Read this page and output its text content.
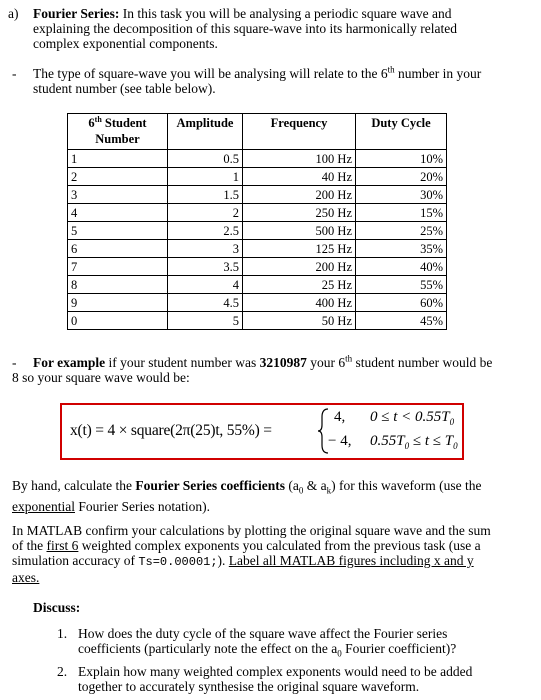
a) Fourier Series: In this task you will be analysing a periodic square wave and
explaining the decomposition of this square-wave into its harmonically related
complex exponential components.
- The type of square-wave you will be analysing will relate to the 6th number in your
student number (see table below).
6th Student
Number	Amplitude	Frequency	Duty Cycle
1	0.5	100 Hz	10%
2	1	40 Hz	20%
3	1.5	200 Hz	30%
4	2	250 Hz	15%
5	2.5	500 Hz	25%
6	3	125 Hz	35%
7	3.5	200 Hz	40%
8	4	25 Hz	55%
9	4.5	400 Hz	60%
0	5	50 Hz	45%
- For example if your student number was 3210987 your 6th student number would be
8 so your square wave would be:
x(t) = 4 × square(2π(25)t, 55%) =
4, $0 \le t < 0.55T_0$
− 4, $0.55T_0 \le t \le T_0$
By hand, calculate the Fourier Series coefficients ($a_0$ & $a_k$) for this waveform (use the
exponential Fourier Series notation).
In MATLAB confirm your calculations by plotting the original square wave and the sum
of the first 6 weighted complex exponents you calculated from the previous task (use a
simulation accuracy of Ts=0.00001;). Label all MATLAB figures including x and y
axes.
Discuss:
1. How does the duty cycle of the square wave affect the Fourier series
coefficients (particularly note the effect on the $a_0$ Fourier coefficient)?
2. Explain how many weighted complex exponents would need to be added
together to accurately synthesise the original square waveform.
